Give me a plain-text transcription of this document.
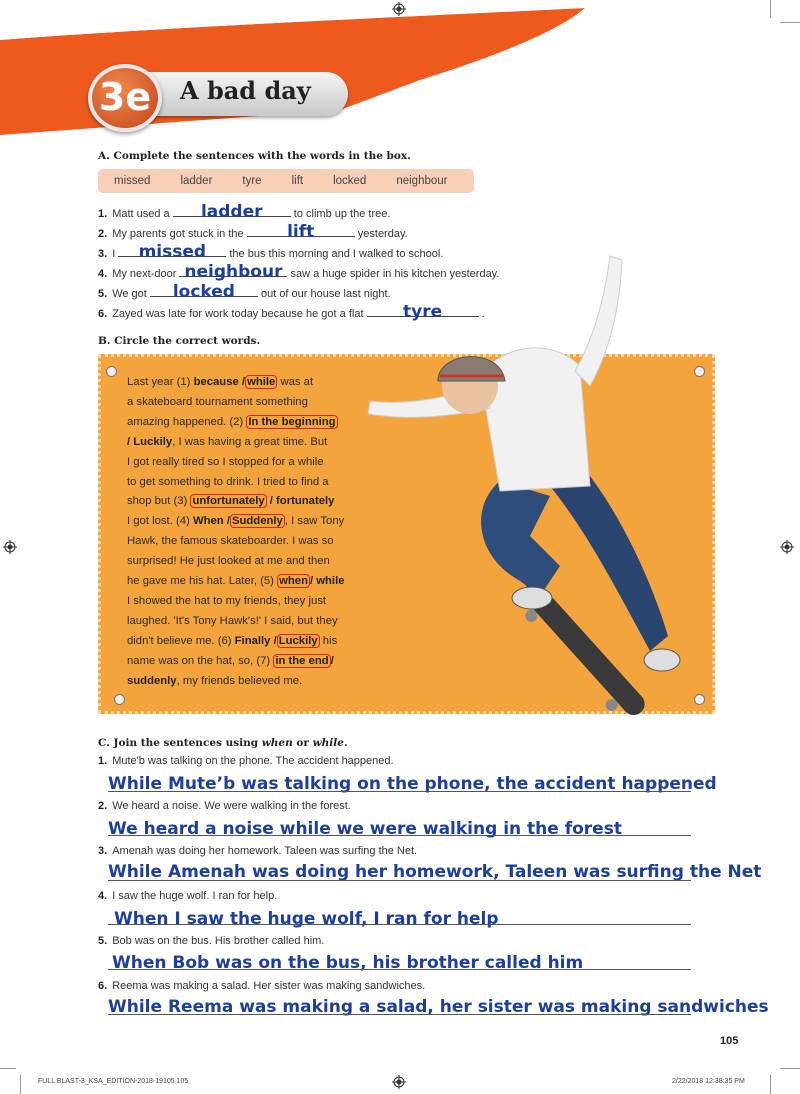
A bad day
3e
A. Complete the sentences with the words in the box.
missed	ladder	tyre	lift	locked	neighbour
1. Matt used a	ladder	to climb up the tree.
2. My parents got stuck in the	lift	yesterday.
3. I	missed	the bus this morning and I walked to school.
4. My next-door neighbour saw a huge spider in his kitchen yesterday.
5. We got	locked	out of our house last night.
6. Zayed was late for work today because he got a flat	tyre	.
B. Circle the correct words.
Last year (1) because / while was at
a skateboard tournament something
amazing happened. (2) In the beginning
/ Luckily, I was having a great time. But
I got really tired so I stopped for a while
to get something to drink. I tried to find a
shop but (3) unfortunately / fortunately
I got lost. (4) When / Suddenly , I saw Tony
Hawk, the famous skateboarder. I was so
surprised! He just looked at me and then
he gave me his hat. Later, (5) when / while
I showed the hat to my friends, they just
laughed. 'It's Tony Hawk's!' I said, but they
didn't believe me. (6) Finally / Luckily his
name was on the hat, so, (7) in the end /
suddenly, my friends believed me.
C. Join the sentences using when or while.
1. Mute'b was talking on the phone. The accident happened.
While Mute’b was talking on the phone, the accident happened
2. We heard a noise. We were walking in the forest.
We heard a noise while we were walking in the forest
3. Amenah was doing her homework. Taleen was surfing the Net.
While Amenah was doing her homework, Taleen was surfing the Net
4. I saw the huge wolf. I ran for help.
When I saw the huge wolf, I ran for help
5. Bob was on the bus. His brother called him.
When Bob was on the bus, his brother called him
6. Reema was making a salad. Her sister was making sandwiches.
While Reema was making a salad, her sister was making sandwiches
105
FULL BLAST-3_KSA_EDITION-2018-19105 105	2/22/2018 12:38:35 PM
